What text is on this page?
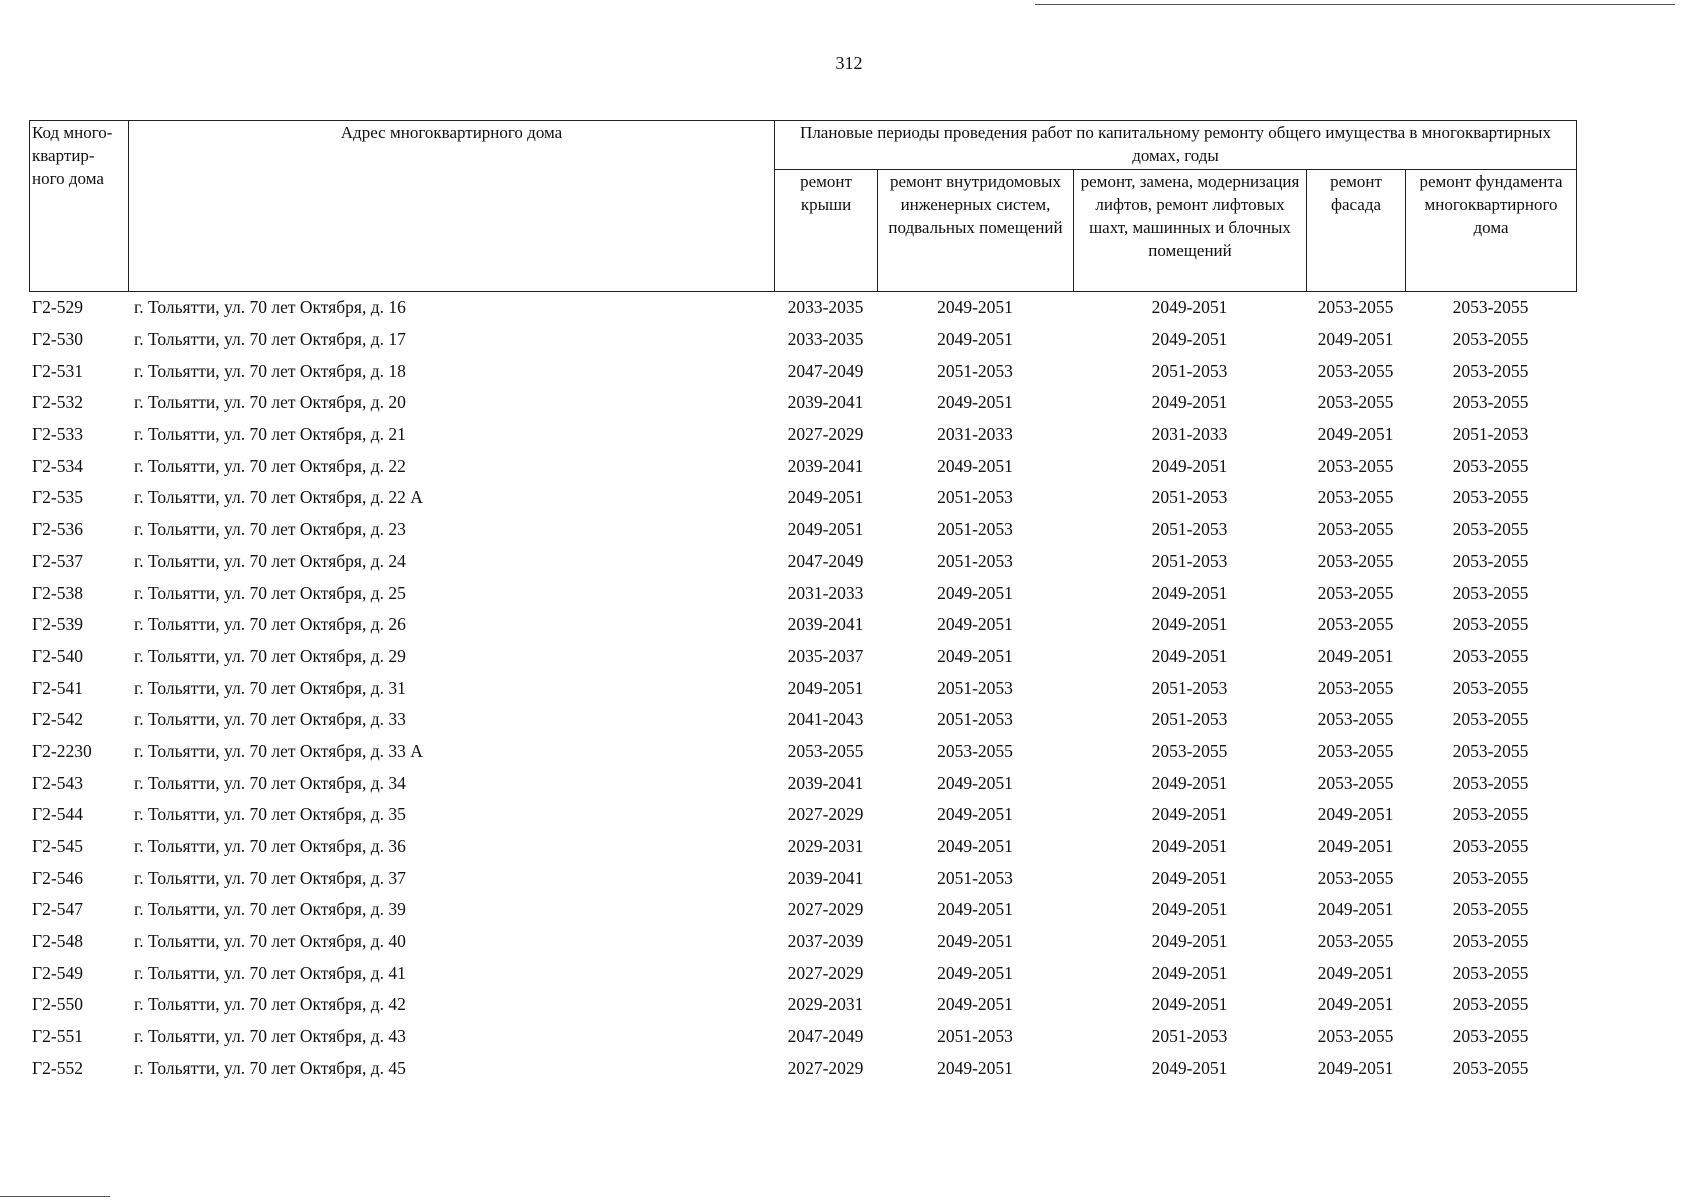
312
Код много-квартир-ного дома	Адрес многоквартирного дома	Плановые периоды проведения работ по капитальному ремонту общего имущества в многоквартирных домах, годы				
		ремонт крыши	ремонт внутридомовых инженерных систем, подвальных помещений	ремонт, замена, модернизация лифтов, ремонт лифтовых шахт, машинных и блочных помещений	ремонт фасада	ремонт фундамента многоквартирного дома
Г2-529	г. Тольятти, ул. 70 лет Октября, д. 16	2033-2035	2049-2051	2049-2051	2053-2055	2053-2055
Г2-530	г. Тольятти, ул. 70 лет Октября, д. 17	2033-2035	2049-2051	2049-2051	2049-2051	2053-2055
Г2-531	г. Тольятти, ул. 70 лет Октября, д. 18	2047-2049	2051-2053	2051-2053	2053-2055	2053-2055
Г2-532	г. Тольятти, ул. 70 лет Октября, д. 20	2039-2041	2049-2051	2049-2051	2053-2055	2053-2055
Г2-533	г. Тольятти, ул. 70 лет Октября, д. 21	2027-2029	2031-2033	2031-2033	2049-2051	2051-2053
Г2-534	г. Тольятти, ул. 70 лет Октября, д. 22	2039-2041	2049-2051	2049-2051	2053-2055	2053-2055
Г2-535	г. Тольятти, ул. 70 лет Октября, д. 22 А	2049-2051	2051-2053	2051-2053	2053-2055	2053-2055
Г2-536	г. Тольятти, ул. 70 лет Октября, д. 23	2049-2051	2051-2053	2051-2053	2053-2055	2053-2055
Г2-537	г. Тольятти, ул. 70 лет Октября, д. 24	2047-2049	2051-2053	2051-2053	2053-2055	2053-2055
Г2-538	г. Тольятти, ул. 70 лет Октября, д. 25	2031-2033	2049-2051	2049-2051	2053-2055	2053-2055
Г2-539	г. Тольятти, ул. 70 лет Октября, д. 26	2039-2041	2049-2051	2049-2051	2053-2055	2053-2055
Г2-540	г. Тольятти, ул. 70 лет Октября, д. 29	2035-2037	2049-2051	2049-2051	2049-2051	2053-2055
Г2-541	г. Тольятти, ул. 70 лет Октября, д. 31	2049-2051	2051-2053	2051-2053	2053-2055	2053-2055
Г2-542	г. Тольятти, ул. 70 лет Октября, д. 33	2041-2043	2051-2053	2051-2053	2053-2055	2053-2055
Г2-2230	г. Тольятти, ул. 70 лет Октября, д. 33 А	2053-2055	2053-2055	2053-2055	2053-2055	2053-2055
Г2-543	г. Тольятти, ул. 70 лет Октября, д. 34	2039-2041	2049-2051	2049-2051	2053-2055	2053-2055
Г2-544	г. Тольятти, ул. 70 лет Октября, д. 35	2027-2029	2049-2051	2049-2051	2049-2051	2053-2055
Г2-545	г. Тольятти, ул. 70 лет Октября, д. 36	2029-2031	2049-2051	2049-2051	2049-2051	2053-2055
Г2-546	г. Тольятти, ул. 70 лет Октября, д. 37	2039-2041	2051-2053	2049-2051	2053-2055	2053-2055
Г2-547	г. Тольятти, ул. 70 лет Октября, д. 39	2027-2029	2049-2051	2049-2051	2049-2051	2053-2055
Г2-548	г. Тольятти, ул. 70 лет Октября, д. 40	2037-2039	2049-2051	2049-2051	2053-2055	2053-2055
Г2-549	г. Тольятти, ул. 70 лет Октября, д. 41	2027-2029	2049-2051	2049-2051	2049-2051	2053-2055
Г2-550	г. Тольятти, ул. 70 лет Октября, д. 42	2029-2031	2049-2051	2049-2051	2049-2051	2053-2055
Г2-551	г. Тольятти, ул. 70 лет Октября, д. 43	2047-2049	2051-2053	2051-2053	2053-2055	2053-2055
Г2-552	г. Тольятти, ул. 70 лет Октября, д. 45	2027-2029	2049-2051	2049-2051	2049-2051	2053-2055
